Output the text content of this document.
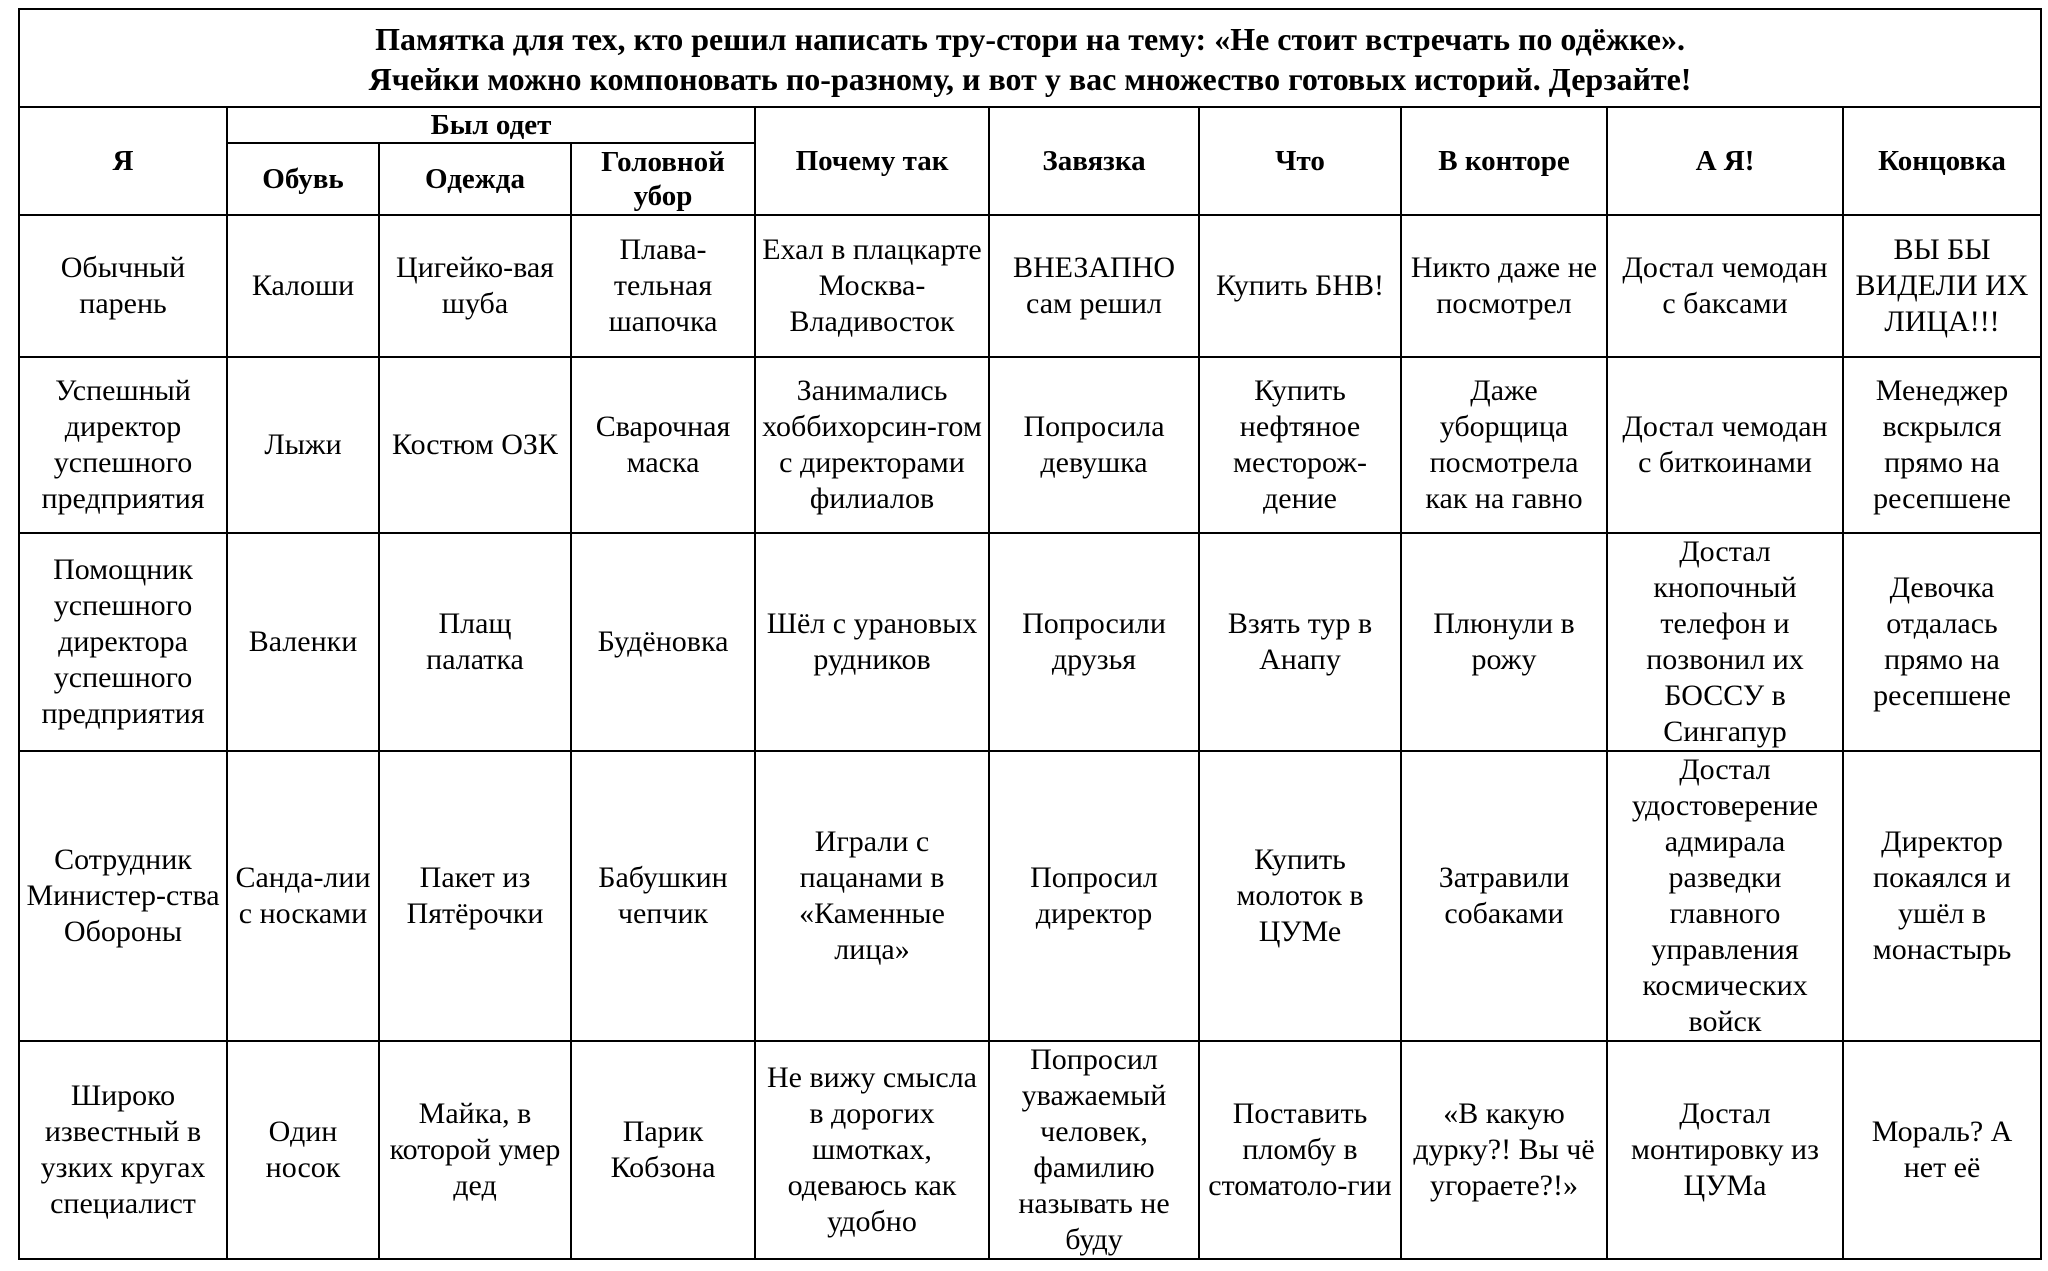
Памятка для тех, кто решил написать тру-стори на тему: «Не стоит встречать по одёжке».
Ячейки можно компоновать по-разному, и вот у вас множество готовых историй. Дерзайте!									

Я	Был одет			Почему так	Завязка	Что	В конторе	А Я!	Концовка
	Обувь	Одежда	Головной убор						
Обычный парень	Калоши	Цигейко-вая шуба	Плава-тельная шапочка	Ехал в плацкарте Москва-Владивосток	ВНЕЗАПНО сам решил	Купить БНВ!	Никто даже не посмотрел	Достал чемодан с баксами	ВЫ БЫ ВИДЕЛИ ИХ ЛИЦА!!!
Успешный директор успешного предприятия	Лыжи	Костюм ОЗК	Сварочная маска	Занимались хоббихорсин-гом с директорами филиалов	Попросила девушка	Купить нефтяное месторож-дение	Даже уборщица посмотрела как на гавно	Достал чемодан с биткоинами	Менеджер вскрылся прямо на ресепшене
Помощник успешного директора успешного предприятия	Валенки	Плащ палатка	Будёновка	Шёл с урановых рудников	Попросили друзья	Взять тур в Анапу	Плюнули в рожу	Достал кнопочный телефон и позвонил их БОССУ в Сингапур	Девочка отдалась прямо на ресепшене
Сотрудник Министер-ства Обороны	Санда-лии с носками	Пакет из Пятёрочки	Бабушкин чепчик	Играли с пацанами в «Каменные лица»	Попросил директор	Купить молоток в ЦУМе	Затравили собаками	Достал удостоверение адмирала разведки главного управления космических войск	Директор покаялся и ушёл в монастырь
Широко известный в узких кругах специалист	Один носок	Майка, в которой умер дед	Парик Кобзона	Не вижу смысла в дорогих шмотках, одеваюсь как удобно	Попросил уважаемый человек, фамилию называть не буду	Поставить пломбу в стоматоло-гии	«В какую дурку?! Вы чё угораете?!»	Достал монтировку из ЦУМа	Мораль? А нет её
